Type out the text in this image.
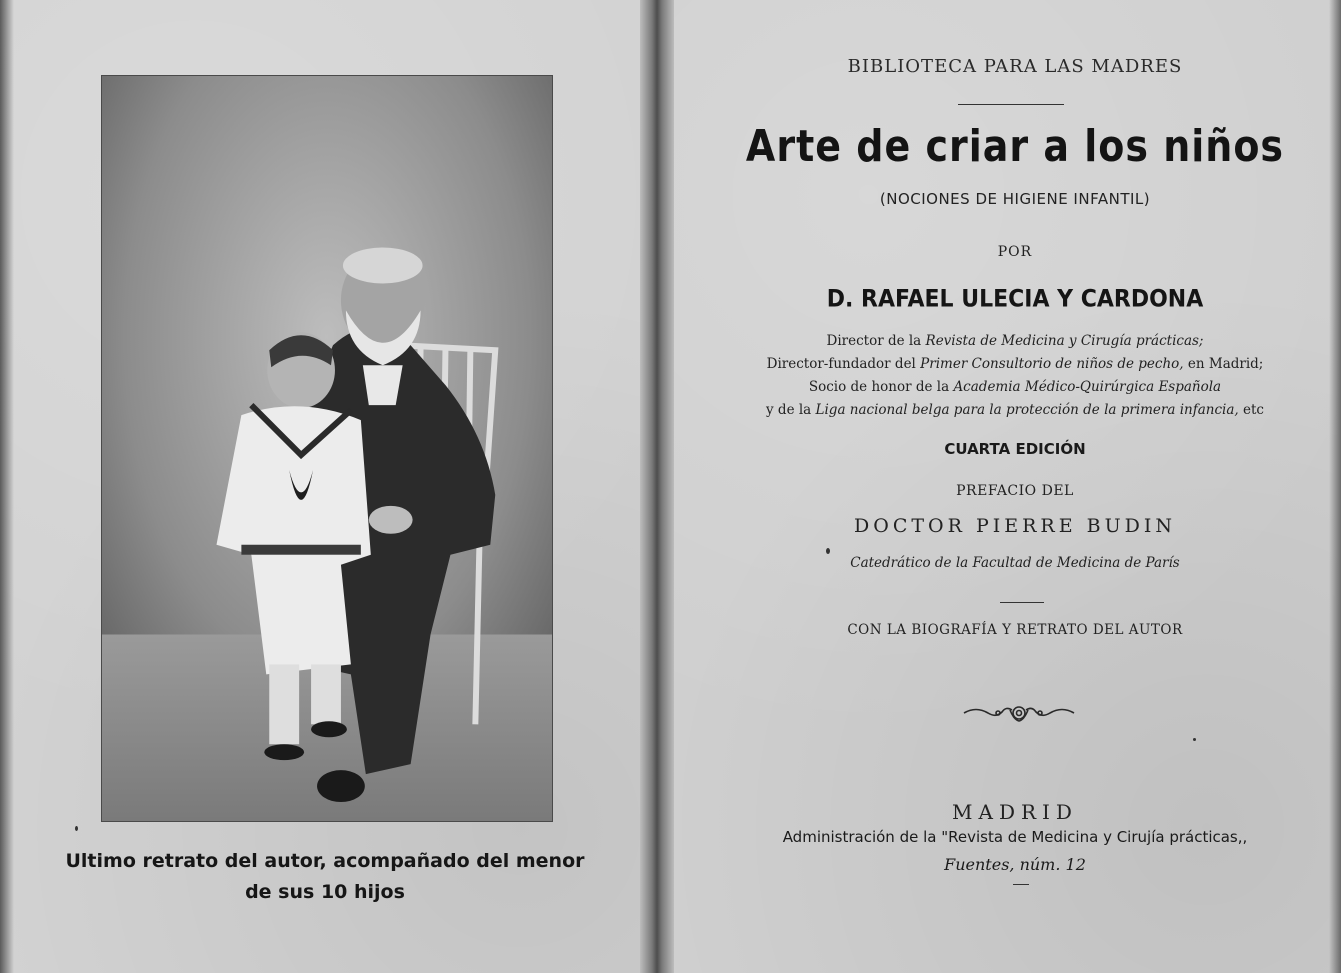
Ultimo retrato del autor, acompañado del menor
de sus 10 hijos
BIBLIOTECA PARA LAS MADRES
Arte de criar a los niños
(NOCIONES DE HIGIENE INFANTIL)
POR
D. RAFAEL ULECIA Y CARDONA
Director de la Revista de Medicina y Cirugía prácticas;
Director-fundador del Primer Consultorio de niños de pecho, en Madrid;
Socio de honor de la Academia Médico-Quirúrgica Española
y de la Liga nacional belga para la protección de la primera infancia, etc
CUARTA EDICIÓN
PREFACIO DEL
DOCTOR PIERRE BUDIN
Catedrático de la Facultad de Medicina de París
CON LA BIOGRAFÍA Y RETRATO DEL AUTOR
MADRID
Administración de la "Revista de Medicina y Cirujía prácticas,,
Fuentes, núm. 12
